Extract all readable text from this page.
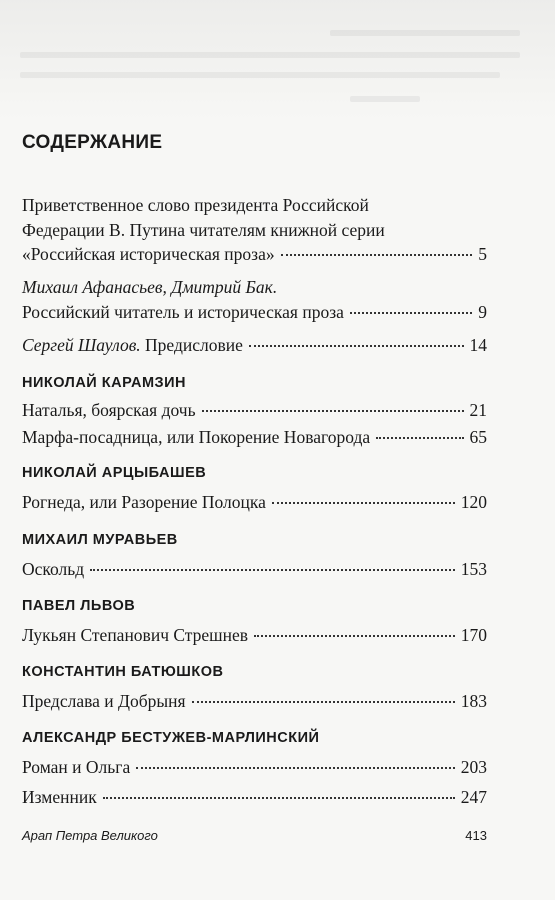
СОДЕРЖАНИЕ
Приветственное слово президента Российской
Федерации В. Путина читателям книжной серии
«Российская историческая проза»	5
Михаил Афанасьев, Дмитрий Бак.
Российский читатель и историческая проза	9
Сергей Шаулов. Предисловие	14
НИКОЛАЙ КАРАМЗИН
Наталья, боярская дочь	21
Марфа-посадница, или Покорение Новагорода	65
НИКОЛАЙ АРЦЫБАШЕВ
Рогнеда, или Разорение Полоцка	120
МИХАИЛ МУРАВЬЕВ
Оскольд	153
ПАВЕЛ ЛЬВОВ
Лукьян Степанович Стрешнев	170
КОНСТАНТИН БАТЮШКОВ
Предслава и Добрыня	183
АЛЕКСАНДР БЕСТУЖЕВ-МАРЛИНСКИЙ
Роман и Ольга	203
Изменник	247
Арап Петра Великого	413
